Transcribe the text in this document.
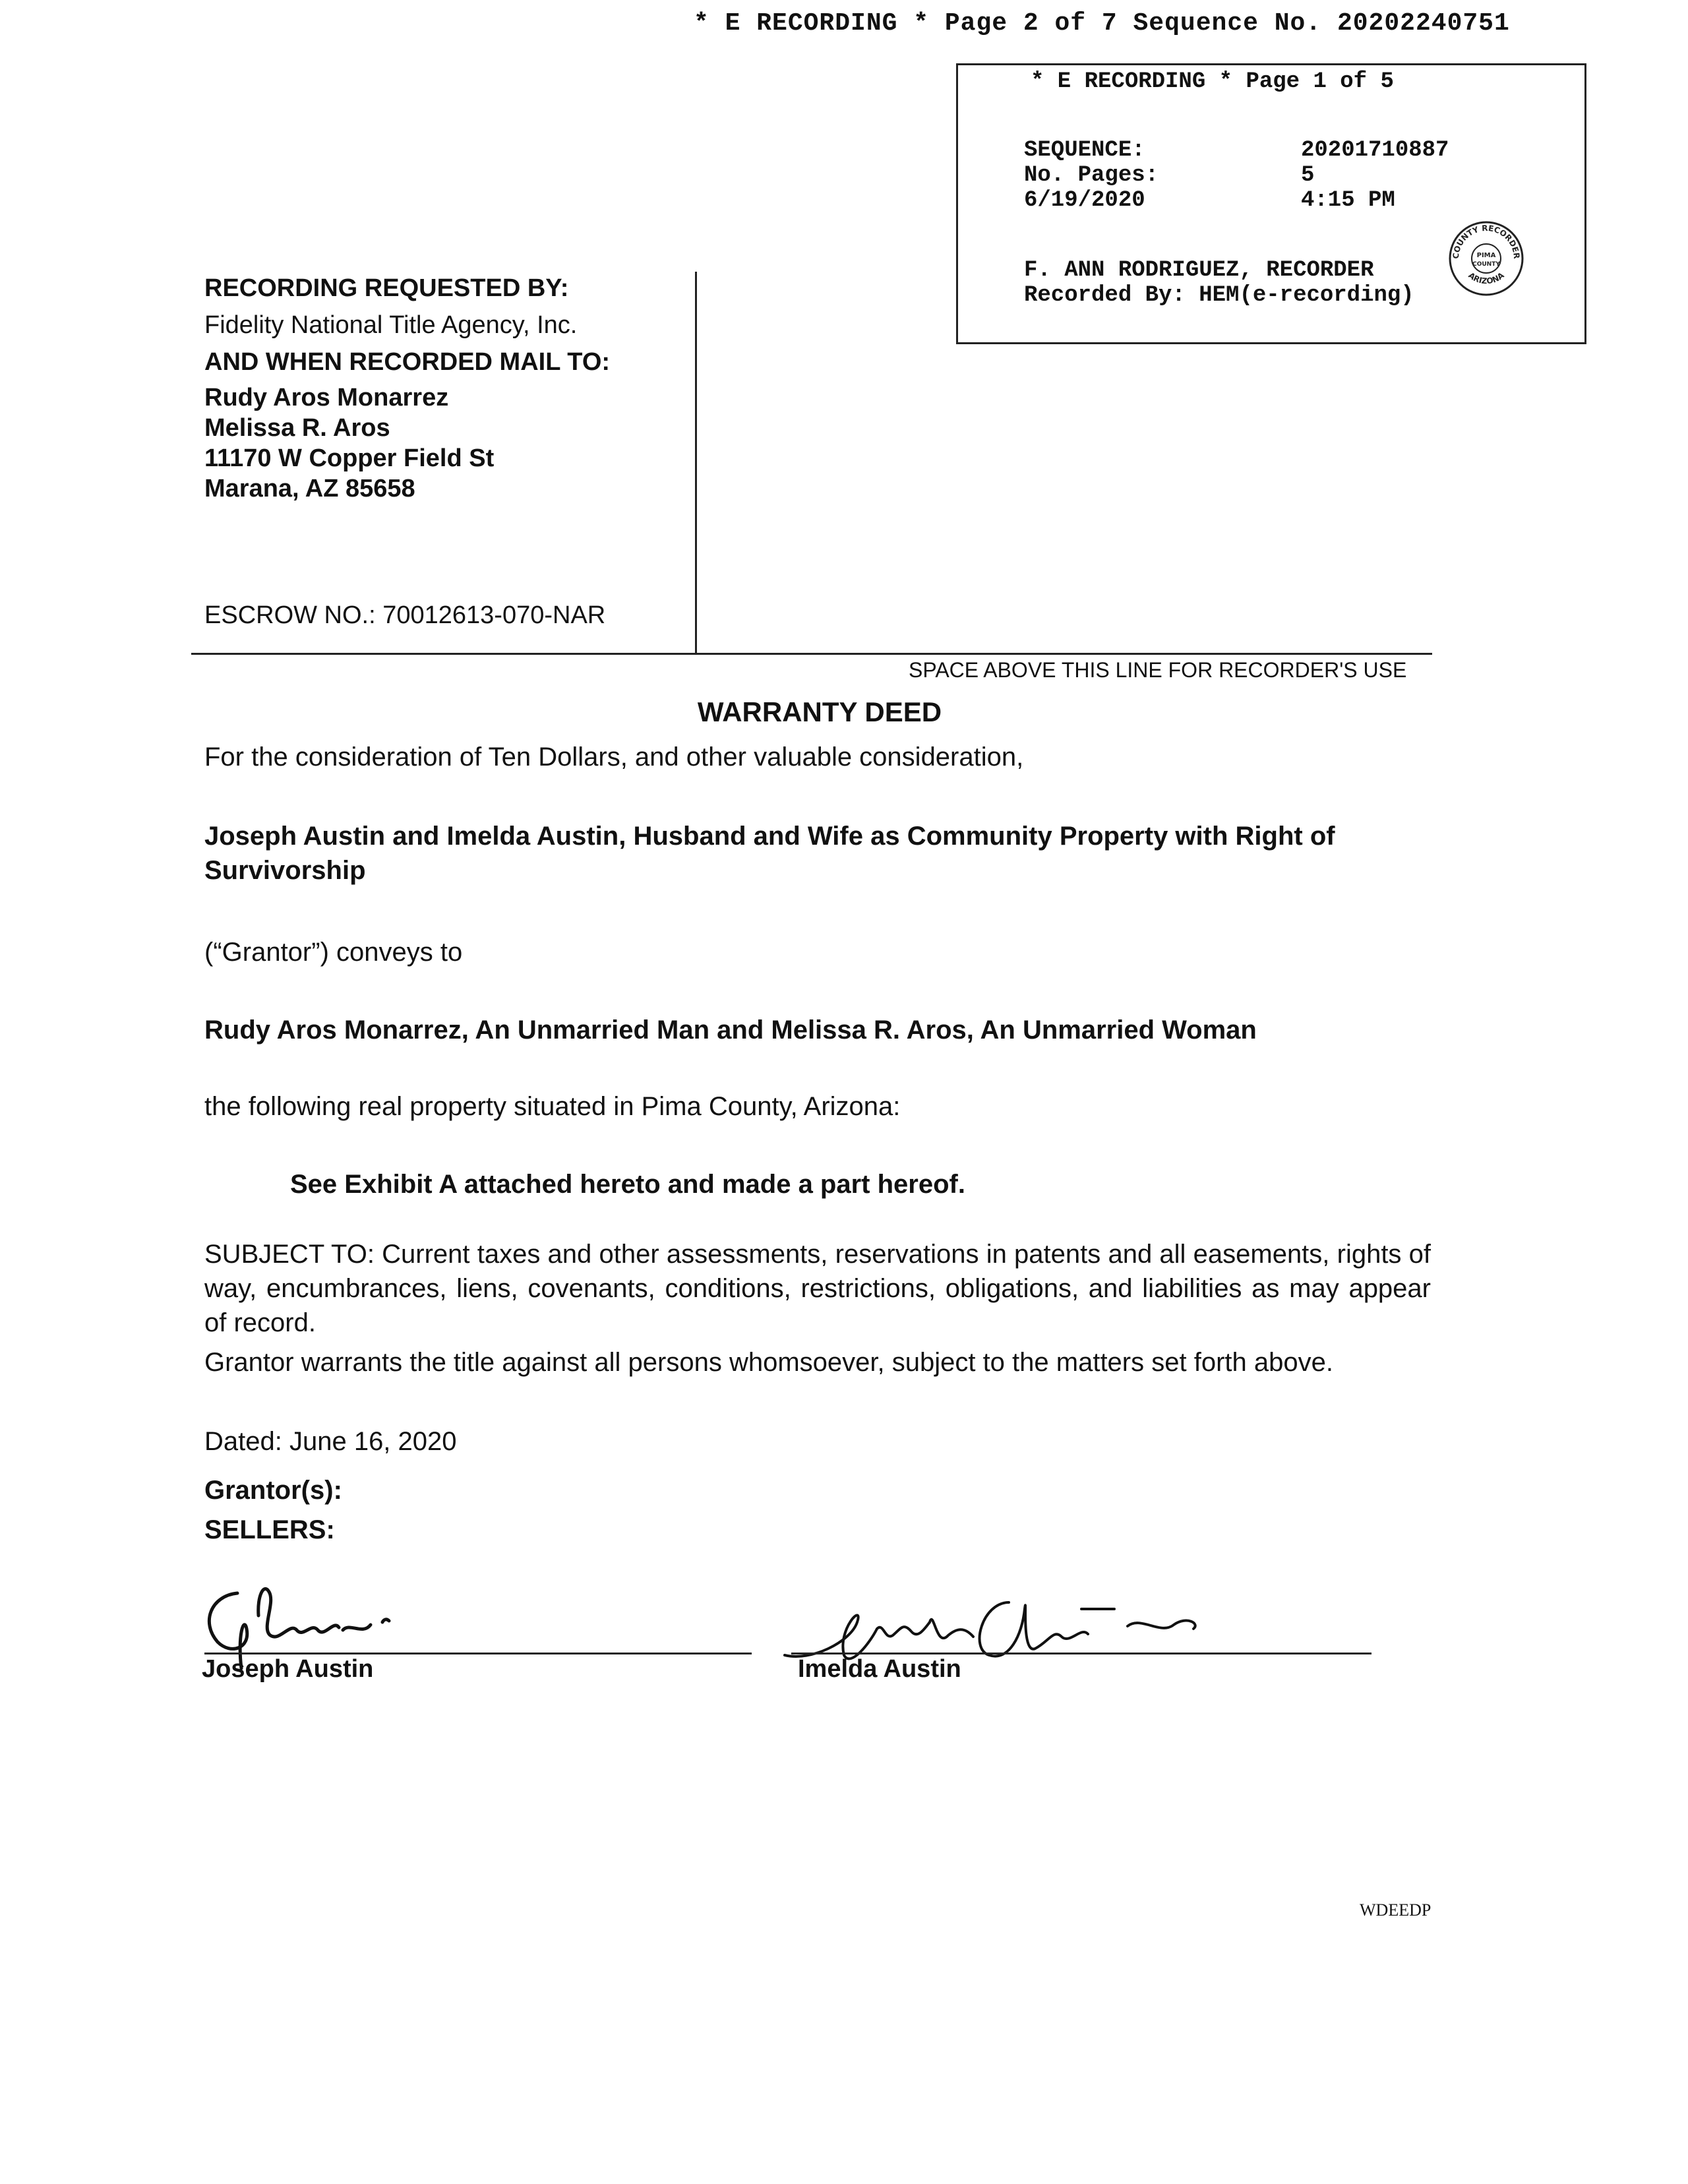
* E RECORDING * Page 2 of 7 Sequence No. 20202240751
* E RECORDING * Page 1 of 5
SEQUENCE:	20201710887
No. Pages:	5
6/19/2020	4:15 PM
F. ANN RODRIGUEZ, RECORDER
Recorded By: HEM(e-recording)
COUNTY RECORDER
ARIZONA
PIMA
COUNTY
RECORDING REQUESTED BY:
Fidelity National Title Agency, Inc.
AND WHEN RECORDED MAIL TO:
Rudy Aros Monarrez
Melissa R. Aros
11170 W Copper Field St
Marana, AZ 85658
ESCROW NO.: 70012613-070-NAR
SPACE ABOVE THIS LINE FOR RECORDER'S USE
WARRANTY DEED
For the consideration of Ten Dollars, and other valuable consideration,
Joseph Austin and Imelda Austin, Husband and Wife as Community Property with Right of Survivorship
(“Grantor”) conveys to
Rudy Aros Monarrez, An Unmarried Man and Melissa R. Aros, An Unmarried Woman
the following real property situated in Pima County, Arizona:
See Exhibit A attached hereto and made a part hereof.
SUBJECT TO: Current taxes and other assessments, reservations in patents and all easements, rights of way, encumbrances, liens, covenants, conditions, restrictions, obligations, and liabilities as may appear of record.
Grantor warrants the title against all persons whomsoever, subject to the matters set forth above.
Dated: June 16, 2020
Grantor(s):
SELLERS:
Joseph Austin	Imelda Austin
WDEEDP
